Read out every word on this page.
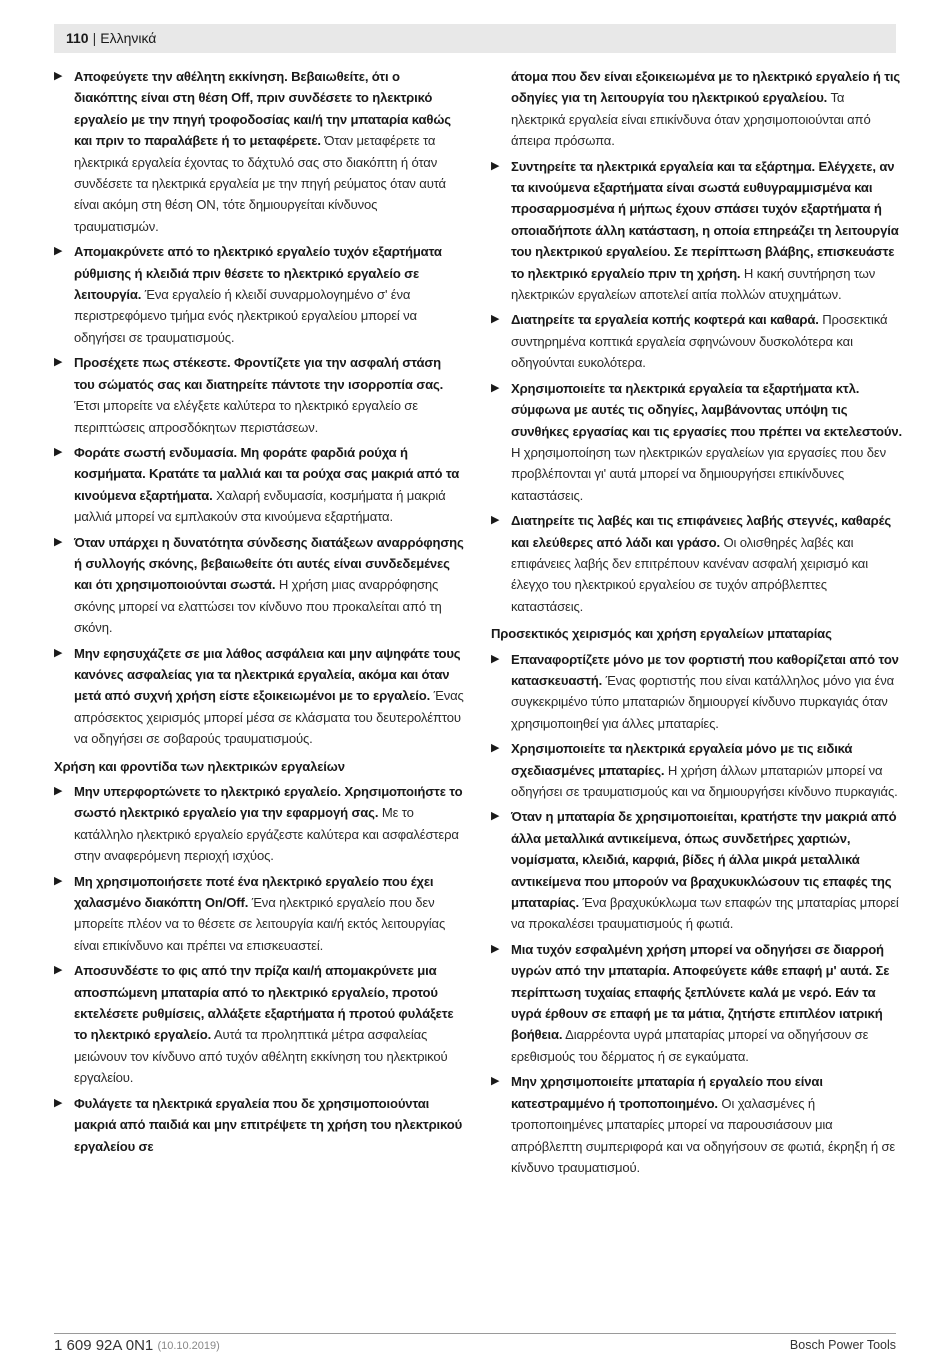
110 | Ελληνικά
▶ Αποφεύγετε την αθέλητη εκκίνηση. Βεβαιωθείτε, ότι ο διακόπτης είναι στη θέση Off, πριν συνδέσετε το ηλεκτρικό εργαλείο με την πηγή τροφοδοσίας και/ή την μπαταρία καθώς και πριν το παραλάβετε ή το μεταφέρετε. Όταν μεταφέρετε τα ηλεκτρικά εργαλεία έχοντας το δάχτυλό σας στο διακόπτη ή όταν συνδέσετε τα ηλεκτρικά εργαλεία με την πηγή ρεύματος όταν αυτά είναι ακόμη στη θέση ON, τότε δημιουργείται κίνδυνος τραυματισμών.
▶ Απομακρύνετε από το ηλεκτρικό εργαλείο τυχόν εξαρτήματα ρύθμισης ή κλειδιά πριν θέσετε το ηλεκτρικό εργαλείο σε λειτουργία. Ένα εργαλείο ή κλειδί συναρμολογημένο σ' ένα περιστρεφόμενο τμήμα ενός ηλεκτρικού εργαλείου μπορεί να οδηγήσει σε τραυματισμούς.
▶ Προσέχετε πως στέκεστε. Φροντίζετε για την ασφαλή στάση του σώματός σας και διατηρείτε πάντοτε την ισορροπία σας. Έτσι μπορείτε να ελέγξετε καλύτερα το ηλεκτρικό εργαλείο σε περιπτώσεις απροσδόκητων περιστάσεων.
▶ Φοράτε σωστή ενδυμασία. Μη φοράτε φαρδιά ρούχα ή κοσμήματα. Κρατάτε τα μαλλιά και τα ρούχα σας μακριά από τα κινούμενα εξαρτήματα. Χαλαρή ενδυμασία, κοσμήματα ή μακριά μαλλιά μπορεί να εμπλακούν στα κινούμενα εξαρτήματα.
▶ Όταν υπάρχει η δυνατότητα σύνδεσης διατάξεων αναρρόφησης ή συλλογής σκόνης, βεβαιωθείτε ότι αυτές είναι συνδεδεμένες και ότι χρησιμοποιούνται σωστά. Η χρήση μιας αναρρόφησης σκόνης μπορεί να ελαττώσει τον κίνδυνο που προκαλείται από τη σκόνη.
▶ Μην εφησυχάζετε σε μια λάθος ασφάλεια και μην αψηφάτε τους κανόνες ασφαλείας για τα ηλεκτρικά εργαλεία, ακόμα και όταν μετά από συχνή χρήση είστε εξοικειωμένοι με το εργαλείο. Ένας απρόσεκτος χειρισμός μπορεί μέσα σε κλάσματα του δευτερολέπτου να οδηγήσει σε σοβαρούς τραυματισμούς.
Χρήση και φροντίδα των ηλεκτρικών εργαλείων
▶ Μην υπερφορτώνετε το ηλεκτρικό εργαλείο. Χρησιμοποιήστε το σωστό ηλεκτρικό εργαλείο για την εφαρμογή σας. Με το κατάλληλο ηλεκτρικό εργαλείο εργάζεστε καλύτερα και ασφαλέστερα στην αναφερόμενη περιοχή ισχύος.
▶ Μη χρησιμοποιήσετε ποτέ ένα ηλεκτρικό εργαλείο που έχει χαλασμένο διακόπτη On/Off. Ένα ηλεκτρικό εργαλείο που δεν μπορείτε πλέον να το θέσετε σε λειτουργία και/ή εκτός λειτουργίας είναι επικίνδυνο και πρέπει να επισκευαστεί.
▶ Αποσυνδέστε το φις από την πρίζα και/ή απομακρύνετε μια αποσπώμενη μπαταρία από το ηλεκτρικό εργαλείο, προτού εκτελέσετε ρυθμίσεις, αλλάξετε εξαρτήματα ή προτού φυλάξετε το ηλεκτρικό εργαλείο. Αυτά τα προληπτικά μέτρα ασφαλείας μειώνουν τον κίνδυνο από τυχόν αθέλητη εκκίνηση του ηλεκτρικού εργαλείου.
▶ Φυλάγετε τα ηλεκτρικά εργαλεία που δε χρησιμοποιούνται μακριά από παιδιά και μην επιτρέψετε τη χρήση του ηλεκτρικού εργαλείου σε
άτομα που δεν είναι εξοικειωμένα με το ηλεκτρικό εργαλείο ή τις οδηγίες για τη λειτουργία του ηλεκτρικού εργαλείου. Τα ηλεκτρικά εργαλεία είναι επικίνδυνα όταν χρησιμοποιούνται από άπειρα πρόσωπα.
▶ Συντηρείτε τα ηλεκτρικά εργαλεία και τα εξάρτημα. Ελέγχετε, αν τα κινούμενα εξαρτήματα είναι σωστά ευθυγραμμισμένα και προσαρμοσμένα ή μήπως έχουν σπάσει τυχόν εξαρτήματα ή οποιαδήποτε άλλη κατάσταση, η οποία επηρεάζει τη λειτουργία του ηλεκτρικού εργαλείου. Σε περίπτωση βλάβης, επισκευάστε το ηλεκτρικό εργαλείο πριν τη χρήση. Η κακή συντήρηση των ηλεκτρικών εργαλείων αποτελεί αιτία πολλών ατυχημάτων.
▶ Διατηρείτε τα εργαλεία κοπής κοφτερά και καθαρά. Προσεκτικά συντηρημένα κοπτικά εργαλεία σφηνώνουν δυσκολότερα και οδηγούνται ευκολότερα.
▶ Χρησιμοποιείτε τα ηλεκτρικά εργαλεία τα εξαρτήματα κτλ. σύμφωνα με αυτές τις οδηγίες, λαμβάνοντας υπόψη τις συνθήκες εργασίας και τις εργασίες που πρέπει να εκτελεστούν. Η χρησιμοποίηση των ηλεκτρικών εργαλείων για εργασίες που δεν προβλέπονται γι' αυτά μπορεί να δημιουργήσει επικίνδυνες καταστάσεις.
▶ Διατηρείτε τις λαβές και τις επιφάνειες λαβής στεγνές, καθαρές και ελεύθερες από λάδι και γράσο. Οι ολισθηρές λαβές και επιφάνειες λαβής δεν επιτρέπουν κανέναν ασφαλή χειρισμό και έλεγχο του ηλεκτρικού εργαλείου σε τυχόν απρόβλεπτες καταστάσεις.
Προσεκτικός χειρισμός και χρήση εργαλείων μπαταρίας
▶ Επαναφορτίζετε μόνο με τον φορτιστή που καθορίζεται από τον κατασκευαστή. Ένας φορτιστής που είναι κατάλληλος μόνο για ένα συγκεκριμένο τύπο μπαταριών δημιουργεί κίνδυνο πυρκαγιάς όταν χρησιμοποιηθεί για άλλες μπαταρίες.
▶ Χρησιμοποιείτε τα ηλεκτρικά εργαλεία μόνο με τις ειδικά σχεδιασμένες μπαταρίες. Η χρήση άλλων μπαταριών μπορεί να οδηγήσει σε τραυματισμούς και να δημιουργήσει κίνδυνο πυρκαγιάς.
▶ Όταν η μπαταρία δε χρησιμοποιείται, κρατήστε την μακριά από άλλα μεταλλικά αντικείμενα, όπως συνδετήρες χαρτιών, νομίσματα, κλειδιά, καρφιά, βίδες ή άλλα μικρά μεταλλικά αντικείμενα που μπορούν να βραχυκυκλώσουν τις επαφές της μπαταρίας. Ένα βραχυκύκλωμα των επαφών της μπαταρίας μπορεί να προκαλέσει τραυματισμούς ή φωτιά.
▶ Μια τυχόν εσφαλμένη χρήση μπορεί να οδηγήσει σε διαρροή υγρών από την μπαταρία. Αποφεύγετε κάθε επαφή μ' αυτά. Σε περίπτωση τυχαίας επαφής ξεπλύνετε καλά με νερό. Εάν τα υγρά έρθουν σε επαφή με τα μάτια, ζητήστε επιπλέον ιατρική βοήθεια. Διαρρέοντα υγρά μπαταρίας μπορεί να οδηγήσουν σε ερεθισμούς του δέρματος ή σε εγκαύματα.
▶ Μην χρησιμοποιείτε μπαταρία ή εργαλείο που είναι κατεστραμμένο ή τροποποιημένο. Οι χαλασμένες ή τροποποιημένες μπαταρίες μπορεί να παρουσιάσουν μια απρόβλεπτη συμπεριφορά και να οδηγήσουν σε φωτιά, έκρηξη ή σε κίνδυνο τραυματισμού.
1 609 92A 0N1 $^{(10.10.2019)}$	Bosch Power Tools
